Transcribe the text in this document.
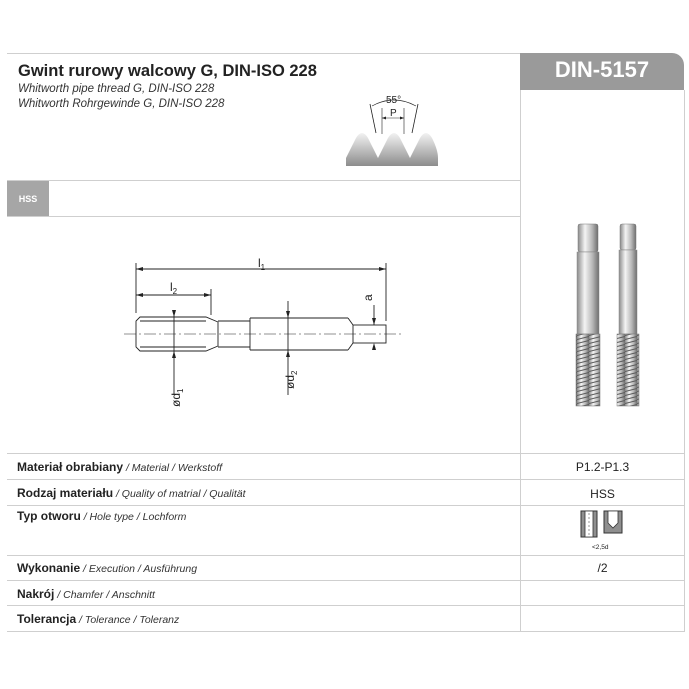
Gwint rurowy walcowy G, DIN-ISO 228
Whitworth pipe thread G, DIN-ISO 228
Whitworth Rohrgewinde G, DIN-ISO 228
DIN-5157
55°
P
HSS
$l_1$
$l_2$
a
$ød_1$
$ød_2$
Materiał obrabiany / Material / Werkstoff	P1.2-P1.3
Rodzaj materiału / Quality of matrial / Qualität	HSS
Typ otworu / Hole type / Lochform
<2,5d
Wykonanie / Execution / Ausführung	/2
Nakrój / Chamfer / Anschnitt
Tolerancja / Tolerance / Toleranz
